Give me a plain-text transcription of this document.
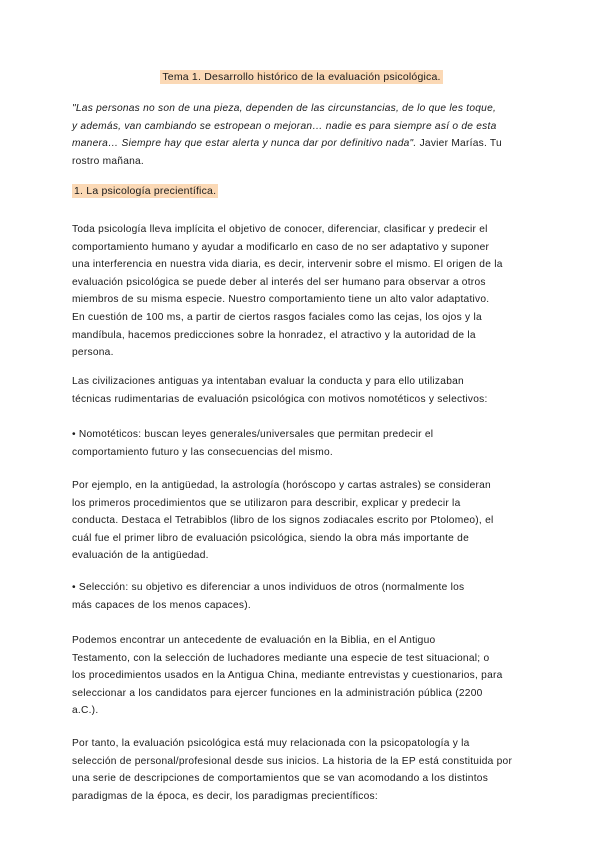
Tema 1. Desarrollo histórico de la evaluación psicológica.
"Las personas no son de una pieza, dependen de las circunstancias, de lo que les toque,
y además, van cambiando se estropean o mejoran… nadie es para siempre así o de esta
manera… Siempre hay que estar alerta y nunca dar por definitivo nada". Javier Marías. Tu
rostro mañana.
1. La psicología precientífica.

Toda psicología lleva implícita el objetivo de conocer, diferenciar, clasificar y predecir el
comportamiento humano y ayudar a modificarlo en caso de no ser adaptativo y suponer
una interferencia en nuestra vida diaria, es decir, intervenir sobre el mismo. El origen de la
evaluación psicológica se puede deber al interés del ser humano para observar a otros
miembros de su misma especie. Nuestro comportamiento tiene un alto valor adaptativo.
En cuestión de 100 ms, a partir de ciertos rasgos faciales como las cejas, los ojos y la
mandíbula, hacemos predicciones sobre la honradez, el atractivo y la autoridad de la
persona.

Las civilizaciones antiguas ya intentaban evaluar la conducta y para ello utilizaban
técnicas rudimentarias de evaluación psicológica con motivos nomotéticos y selectivos:

• Nomotéticos: buscan leyes generales/universales que permitan predecir el
comportamiento futuro y las consecuencias del mismo.

Por ejemplo, en la antigüedad, la astrología (horóscopo y cartas astrales) se consideran
los primeros procedimientos que se utilizaron para describir, explicar y predecir la
conducta. Destaca el Tetrabiblos (libro de los signos zodiacales escrito por Ptolomeo), el
cuál fue el primer libro de evaluación psicológica, siendo la obra más importante de
evaluación de la antigüedad.

• Selección: su objetivo es diferenciar a unos individuos de otros (normalmente los
más capaces de los menos capaces).

Podemos encontrar un antecedente de evaluación en la Biblia, en el Antiguo
Testamento, con la selección de luchadores mediante una especie de test situacional; o
los procedimientos usados en la Antigua China, mediante entrevistas y cuestionarios, para
seleccionar a los candidatos para ejercer funciones en la administración pública (2200
a.C.).

Por tanto, la evaluación psicológica está muy relacionada con la psicopatología y la
selección de personal/profesional desde sus inicios. La historia de la EP está constituida por
una serie de descripciones de comportamientos que se van acomodando a los distintos
paradigmas de la época, es decir, los paradigmas precientíficos:
